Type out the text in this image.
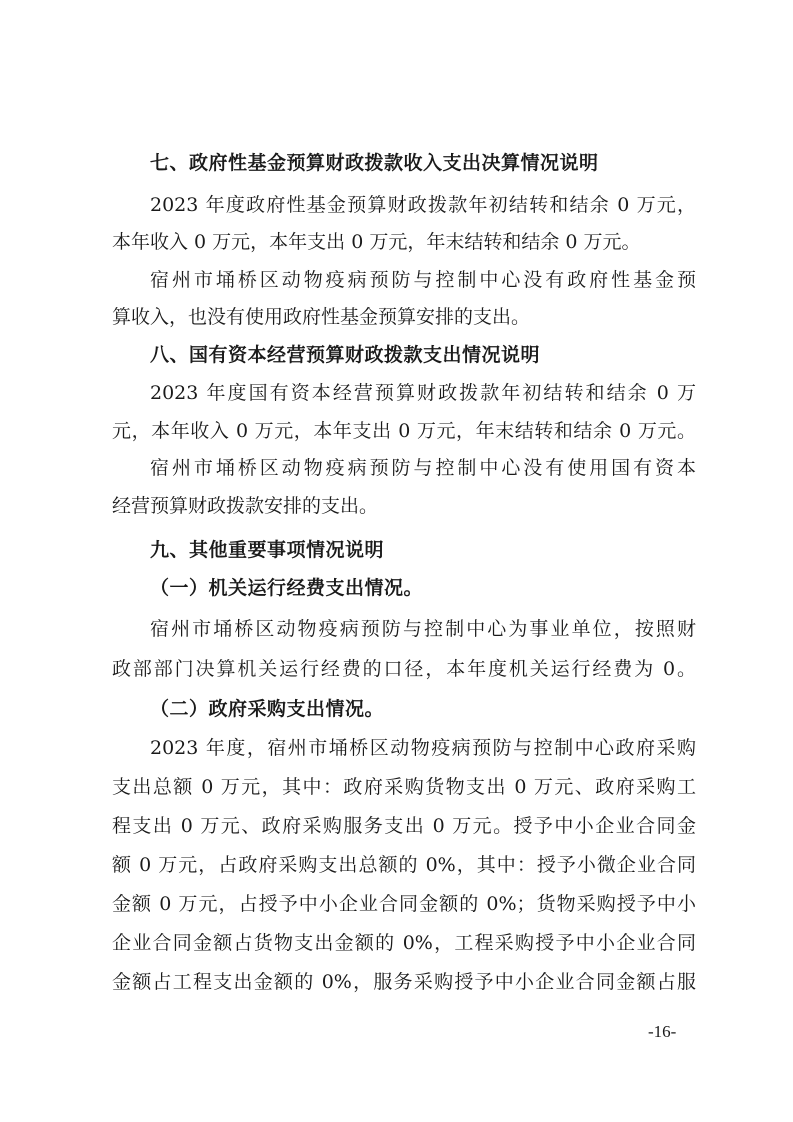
七、政府性基金预算财政拨款收入支出决算情况说明
2023 年度政府性基金预算财政拨款年初结转和结余 0 万元，
本年收入 0 万元，本年支出 0 万元，年末结转和结余 0 万元。
宿州市埇桥区动物疫病预防与控制中心没有政府性基金预
算收入，也没有使用政府性基金预算安排的支出。
八、国有资本经营预算财政拨款支出情况说明
2023 年度国有资本经营预算财政拨款年初结转和结余 0 万
元，本年收入 0 万元，本年支出 0 万元，年末结转和结余 0 万元。
宿州市埇桥区动物疫病预防与控制中心没有使用国有资本
经营预算财政拨款安排的支出。
九、其他重要事项情况说明
（一）机关运行经费支出情况。
宿州市埇桥区动物疫病预防与控制中心为事业单位，按照财
政部部门决算机关运行经费的口径，本年度机关运行经费为 0。
（二）政府采购支出情况。
2023 年度，宿州市埇桥区动物疫病预防与控制中心政府采购
支出总额 0 万元，其中：政府采购货物支出 0 万元、政府采购工
程支出 0 万元、政府采购服务支出 0 万元。授予中小企业合同金
额 0 万元，占政府采购支出总额的 0%，其中：授予小微企业合同
金额 0 万元，占授予中小企业合同金额的 0%；货物采购授予中小
企业合同金额占货物支出金额的 0%，工程采购授予中小企业合同
金额占工程支出金额的 0%，服务采购授予中小企业合同金额占服
-16-
